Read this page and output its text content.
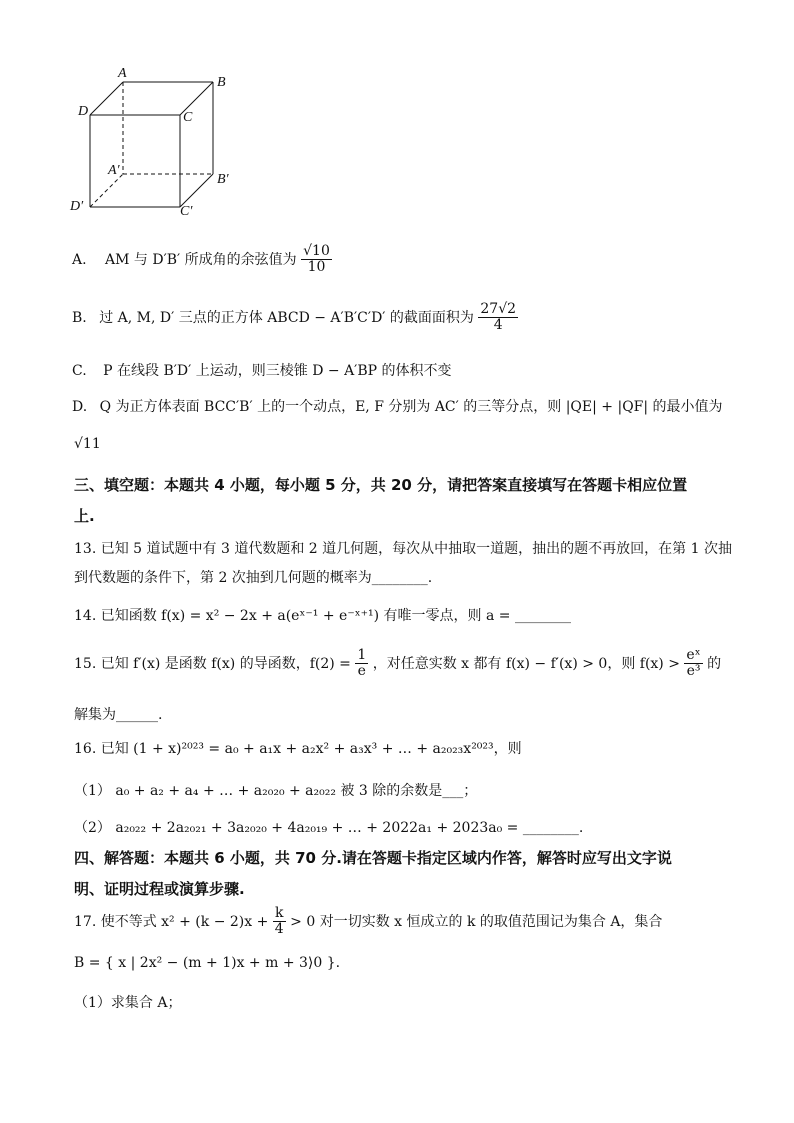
A
B
D	C
A′
B′
D′	C′
A. AM 与 D′B′ 所成角的余弦值为 $\frac{√10}{10}$
B. 过 A, M, D′ 三点的正方体 ABCD − A′B′C′D′ 的截面面积为 $\frac{27√2}{4}$
C. P 在线段 B′D′ 上运动，则三棱锥 D − A′BP 的体积不变
D. Q 为正方体表面 BCC′B′ 上的一个动点，E, F 分别为 AC′ 的三等分点，则 |QE| + |QF| 的最小值为
√11
三、填空题：本题共 4 小题，每小题 5 分，共 20 分，请把答案直接填写在答题卡相应位置
上.
13. 已知 5 道试题中有 3 道代数题和 2 道几何题，每次从中抽取一道题，抽出的题不再放回，在第 1 次抽
到代数题的条件下，第 2 次抽到几何题的概率为________.
14. 已知函数 f(x) = x² − 2x + a(eˣ⁻¹ + e⁻ˣ⁺¹) 有唯一零点，则 a = ________
15. 已知 f′(x) 是函数 f(x) 的导函数，$f(2) = \frac{1}{e}$ ，对任意实数 x 都有 f(x) − f′(x) > 0，则 $f(x) > \frac{\text{eˣ}}{\text{e³}}$ 的
解集为______.
16. 已知 (1 + x)²⁰²³ = a₀ + a₁x + a₂x² + a₃x³ + … + a₂₀₂₃x²⁰²³，则
（1） a₀ + a₂ + a₄ + … + a₂₀₂₀ + a₂₀₂₂ 被 3 除的余数是___；
（2） a₂₀₂₂ + 2a₂₀₂₁ + 3a₂₀₂₀ + 4a₂₀₁₉ + … + 2022a₁ + 2023a₀ = ________.
四、解答题：本题共 6 小题，共 70 分.请在答题卡指定区域内作答，解答时应写出文字说
明、证明过程或演算步骤.
17. 使不等式 $x^2 + (k - 2)x + \frac{k}{4} > 0$ 对一切实数 x 恒成立的 k 的取值范围记为集合 A，集合
B = { x | 2x² − (m + 1)x + m + 3⟩0 }.
（1）求集合 A；
